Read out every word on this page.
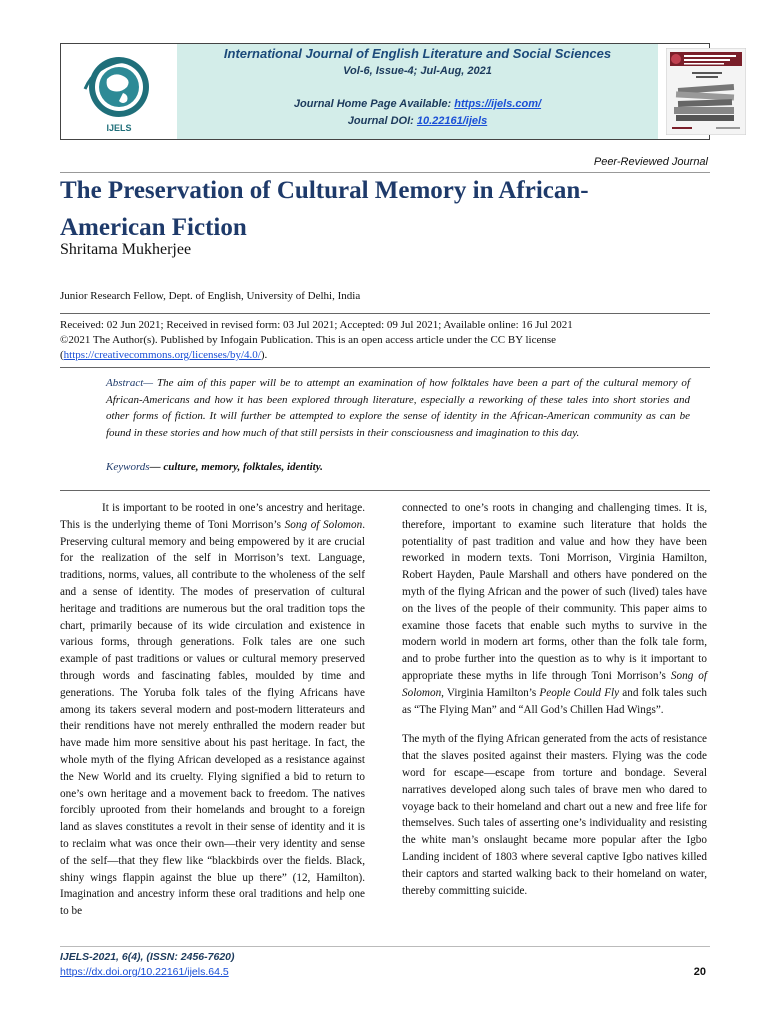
IJELS
International Journal of English Literature and Social Sciences
Vol-6, Issue-4; Jul-Aug, 2021
Journal Home Page Available: https://ijels.com/
Journal DOI: 10.22161/ijels
Peer-Reviewed Journal
The Preservation of Cultural Memory in African-American Fiction
Shritama Mukherjee
Junior Research Fellow, Dept. of English, University of Delhi, India
Received: 02 Jun 2021; Received in revised form: 03 Jul 2021; Accepted: 09 Jul 2021; Available online: 16 Jul 2021
©2021 The Author(s). Published by Infogain Publication. This is an open access article under the CC BY license
(https://creativecommons.org/licenses/by/4.0/).
Abstract— The aim of this paper will be to attempt an examination of how folktales have been a part of the cultural memory of African-Americans and how it has been explored through literature, especially a reworking of these tales into short stories and other forms of fiction. It will further be attempted to explore the sense of identity in the African-American community as can be found in these stories and how much of that still persists in their consciousness and imagination to this day.
Keywords— culture, memory, folktales, identity.

It is important to be rooted in one’s ancestry and heritage. This is the underlying theme of Toni Morrison’s Song of Solomon. Preserving cultural memory and being empowered by it are crucial for the realization of the self in Morrison’s text. Language, traditions, norms, values, all contribute to the wholeness of the self and a sense of identity. The modes of preservation of cultural heritage and traditions are numerous but the oral tradition tops the chart, primarily because of its wide circulation and existence in various forms, through generations. Folk tales are one such example of past traditions or values or cultural memory preserved through words and fascinating fables, moulded by time and generations. The Yoruba folk tales of the flying Africans have among its takers several modern and post-modern litterateurs and their renditions have not merely enthralled the modern reader but have made him more sensitive about his past heritage. In fact, the whole myth of the flying African developed as a resistance against the New World and its cruelty. Flying signified a bid to return to one’s own heritage and a movement back to freedom. The natives forcibly uprooted from their homelands and brought to a foreign land as slaves constitutes a revolt in their sense of identity and it is to reclaim what was once their own—their very identity and sense of the self—that they flew like “blackbirds over the fields. Black, shiny wings flappin against the blue up there” (12, Hamilton). Imagination and ancestry inform these oral traditions and help one to be

connected to one’s roots in changing and challenging times. It is, therefore, important to examine such literature that holds the potentiality of past tradition and value and how they have been reworked in modern texts. Toni Morrison, Virginia Hamilton, Robert Hayden, Paule Marshall and others have pondered on the myth of the flying African and the power of such (lived) tales have on the lives of the people of their community. This paper aims to examine those facets that enable such myths to survive in the modern world in modern art forms, other than the folk tale form, and to probe further into the question as to why is it important to appropriate these myths in life through Toni Morrison’s Song of Solomon, Virginia Hamilton’s People Could Fly and folk tales such as “The Flying Man” and “All God’s Chillen Had Wings”.

The myth of the flying African generated from the acts of resistance that the slaves posited against their masters. Flying was the code word for escape—escape from torture and bondage. Several narratives developed along such tales of brave men who dared to voyage back to their homeland and chart out a new and free life for themselves. Such tales of asserting one’s individuality and resisting the white man’s onslaught became more popular after the Igbo Landing incident of 1803 where several captive Igbo natives killed their captors and started walking back to their homeland on water, thereby committing suicide.

IJELS-2021, 6(4), (ISSN: 2456-7620)
https://dx.doi.org/10.22161/ijels.64.5	20
